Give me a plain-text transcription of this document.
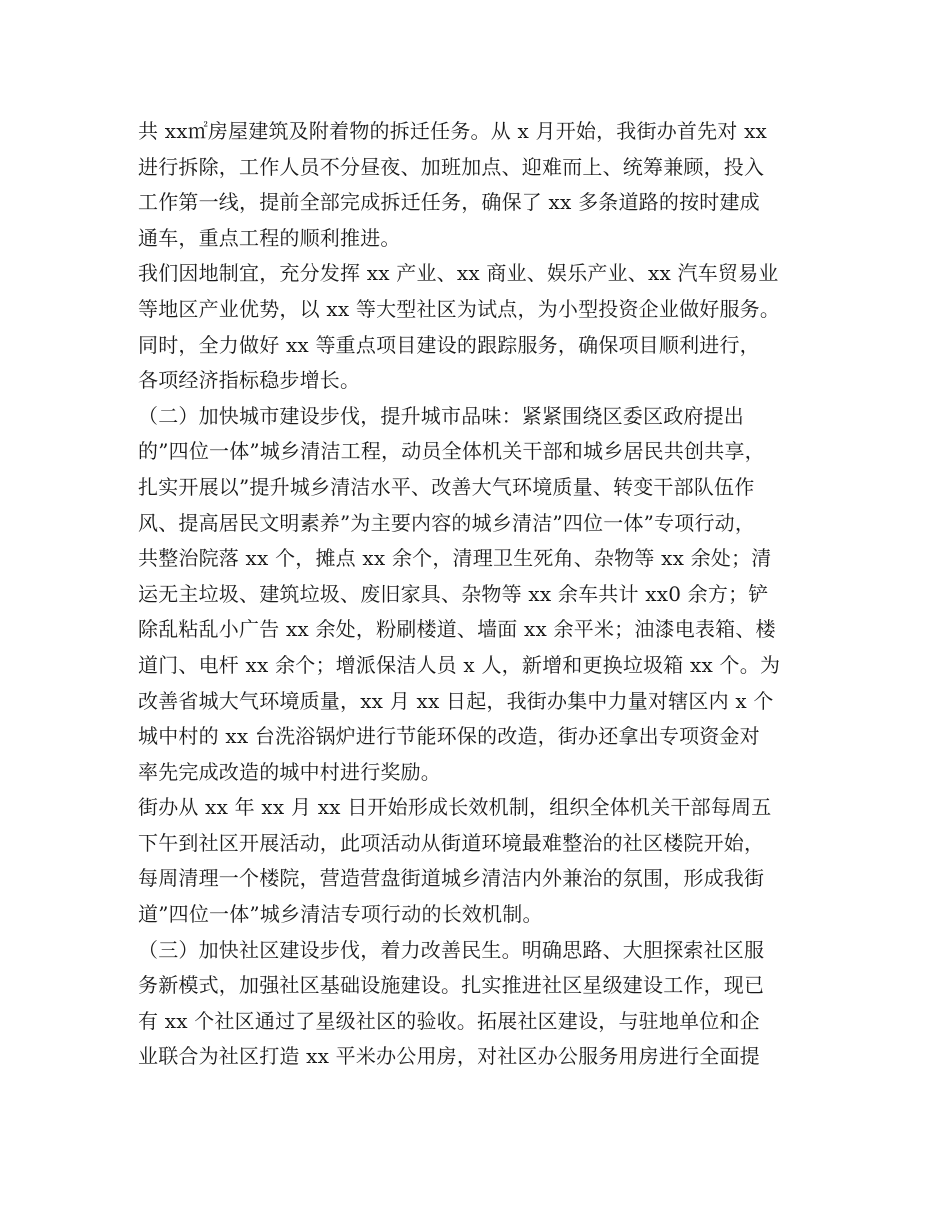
共 xx㎡房屋建筑及附着物的拆迁任务。从 x 月开始，我街办首先对 xx
进行拆除，工作人员不分昼夜、加班加点、迎难而上、统筹兼顾，投入
工作第一线，提前全部完成拆迁任务，确保了 xx 多条道路的按时建成
通车，重点工程的顺利推进。
我们因地制宜，充分发挥 xx 产业、xx 商业、娱乐产业、xx 汽车贸易业
等地区产业优势，以 xx 等大型社区为试点，为小型投资企业做好服务。
同时，全力做好 xx 等重点项目建设的跟踪服务，确保项目顺利进行，
各项经济指标稳步增长。
（二）加快城市建设步伐，提升城市品味：紧紧围绕区委区政府提出
的”四位一体”城乡清洁工程，动员全体机关干部和城乡居民共创共享，
扎实开展以”提升城乡清洁水平、改善大气环境质量、转变干部队伍作
风、提高居民文明素养”为主要内容的城乡清洁”四位一体”专项行动，
共整治院落 xx 个，摊点 xx 余个，清理卫生死角、杂物等 xx 余处；清
运无主垃圾、建筑垃圾、废旧家具、杂物等 xx 余车共计 xx0 余方；铲
除乱粘乱小广告 xx 余处，粉刷楼道、墙面 xx 余平米；油漆电表箱、楼
道门、电杆 xx 余个；增派保洁人员 x 人，新增和更换垃圾箱 xx 个。为
改善省城大气环境质量，xx 月 xx 日起，我街办集中力量对辖区内 x 个
城中村的 xx 台洗浴锅炉进行节能环保的改造，街办还拿出专项资金对
率先完成改造的城中村进行奖励。
街办从 xx 年 xx 月 xx 日开始形成长效机制，组织全体机关干部每周五
下午到社区开展活动，此项活动从街道环境最难整治的社区楼院开始，
每周清理一个楼院，营造营盘街道城乡清洁内外兼治的氛围，形成我街
道”四位一体”城乡清洁专项行动的长效机制。
（三）加快社区建设步伐，着力改善民生。明确思路、大胆探索社区服
务新模式，加强社区基础设施建设。扎实推进社区星级建设工作，现已
有 xx 个社区通过了星级社区的验收。拓展社区建设，与驻地单位和企
业联合为社区打造 xx 平米办公用房，对社区办公服务用房进行全面提
